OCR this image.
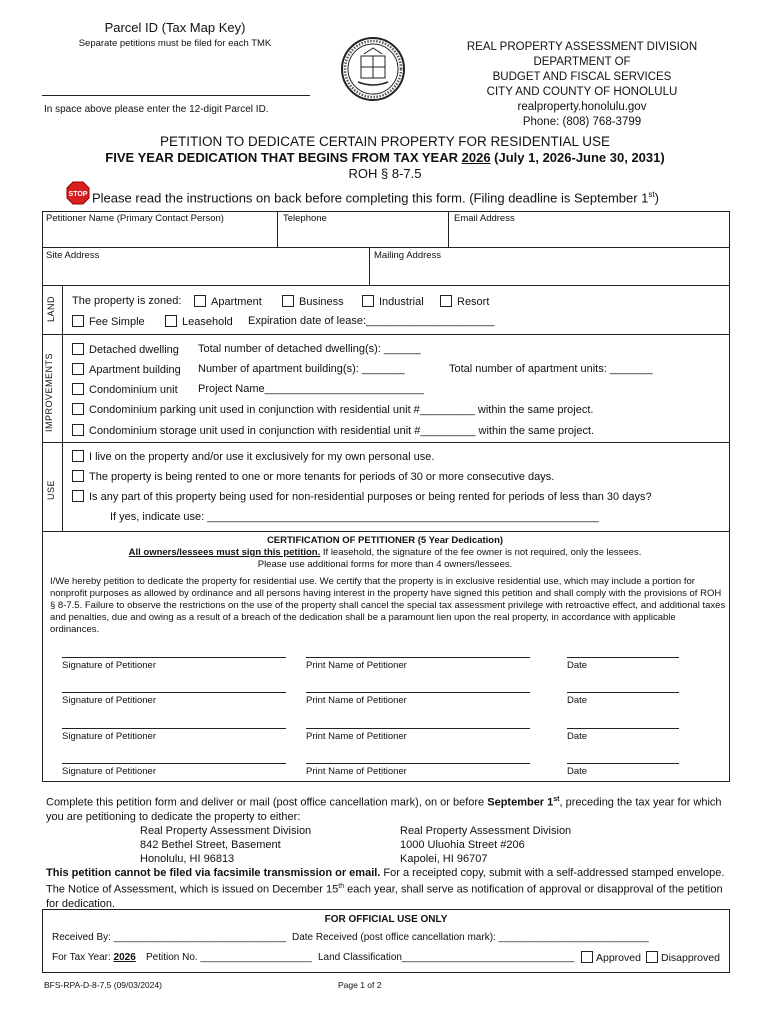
Parcel ID (Tax Map Key)
Separate petitions must be filed for each TMK
In space above please enter the 12-digit Parcel ID.
REAL PROPERTY ASSESSMENT DIVISION
DEPARTMENT OF
BUDGET AND FISCAL SERVICES
CITY AND COUNTY OF HONOLULU
realproperty.honolulu.gov
Phone: (808) 768-3799
PETITION TO DEDICATE CERTAIN PROPERTY FOR RESIDENTIAL USE
FIVE YEAR DEDICATION THAT BEGINS FROM TAX YEAR 2026 (July 1, 2026-June 30, 2031)
ROH § 8-7.5
STOP Please read the instructions on back before completing this form. (Filing deadline is September 1st)
Petitioner Name (Primary Contact Person)	Telephone	Email Address
Site Address	Mailing Address
LAND The property is zoned:	Apartment	Business	Industrial	Resort
Fee Simple	Leasehold Expiration date of lease:_____________________
IMPROVEMENTS
Detached dwelling Total number of detached dwelling(s): ______
Apartment building Number of apartment building(s): _______	Total number of apartment units: _______
Condominium unit Project Name__________________________
Condominium parking unit used in conjunction with residential unit #_________ within the same project.
Condominium storage unit used in conjunction with residential unit #_________ within the same project.
USE
I live on the property and/or use it exclusively for my own personal use.
The property is being rented to one or more tenants for periods of 30 or more consecutive days.
Is any part of this property being used for non-residential purposes or being rented for periods of less than 30 days?
If yes, indicate use: ________________________________________________________________
CERTIFICATION OF PETITIONER (5 Year Dedication)
All owners/lessees must sign this petition. If leasehold, the signature of the fee owner is not required, only the lessees.
Please use additional forms for more than 4 owners/lessees.
I/We hereby petition to dedicate the property for residential use. We certify that the property is in exclusive residential use, which may include a portion for nonprofit purposes as allowed by ordinance and all persons having interest in the property have signed this petition and shall comply with the provisions of ROH § 8-7.5. Failure to observe the restrictions on the use of the property shall cancel the special tax assessment privilege with retroactive effect, and additional taxes and penalties, due and owing as a result of a breach of the dedication shall be a paramount lien upon the real property, in accordance with applicable ordinances.
Signature of Petitioner	Print Name of Petitioner	Date
Signature of Petitioner	Print Name of Petitioner	Date
Signature of Petitioner	Print Name of Petitioner	Date
Signature of Petitioner	Print Name of Petitioner	Date
Complete this petition form and deliver or mail (post office cancellation mark), on or before September 1st, preceding the tax year for which you are petitioning to dedicate the property to either:
Real Property Assessment Division
842 Bethel Street, Basement
Honolulu, HI 96813
Real Property Assessment Division
1000 Uluohia Street #206
Kapolei, HI 96707
This petition cannot be filed via facsimile transmission or email. For a receipted copy, submit with a self-addressed stamped envelope. The Notice of Assessment, which is issued on December 15th each year, shall serve as notification of approval or disapproval of the petition for dedication.
FOR OFFICIAL USE ONLY
Received By: _______________________________ Date Received (post office cancellation mark): ___________________________
For Tax Year: 2026 Petition No. ____________________ Land Classification_______________________________	Approved	Disapproved
BFS-RPA-D-8-7.5 (09/03/2024)	Page 1 of 2
